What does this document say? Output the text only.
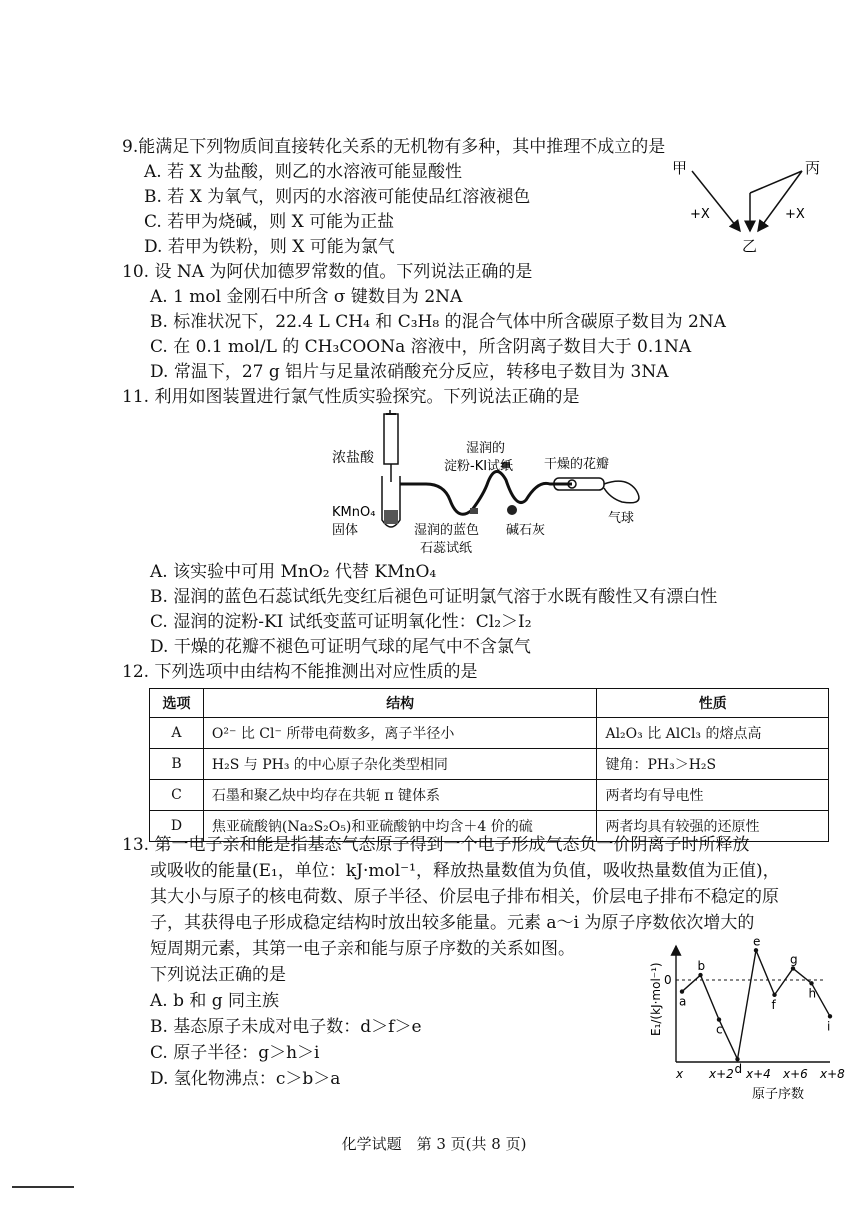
9.能满足下列物质间直接转化关系的无机物有多种，其中推理不成立的是
A. 若 X 为盐酸，则乙的水溶液可能显酸性
B. 若 X 为氧气，则丙的水溶液可能使品红溶液褪色
C. 若甲为烧碱，则 X 可能为正盐
D. 若甲为铁粉，则 X 可能为氯气
甲	丙
乙
+X	+X
10. 设 NA 为阿伏加德罗常数的值。下列说法正确的是
A. 1 mol 金刚石中所含 σ 键数目为 2NA
B. 标准状况下，22.4 L CH₄ 和 C₃H₈ 的混合气体中所含碳原子数目为 2NA
C. 在 0.1 mol/L 的 CH₃COONa 溶液中，所含阴离子数目大于 0.1NA
D. 常温下，27 g 铝片与足量浓硝酸充分反应，转移电子数目为 3NA
11. 利用如图装置进行氯气性质实验探究。下列说法正确的是
浓盐酸
KMnO₄
固体
湿润的
淀粉-KI试纸 干燥的花瓣
湿润的蓝色
石蕊试纸
碱石灰
气球
A. 该实验中可用 MnO₂ 代替 KMnO₄
B. 湿润的蓝色石蕊试纸先变红后褪色可证明氯气溶于水既有酸性又有漂白性
C. 湿润的淀粉-KI 试纸变蓝可证明氧化性：Cl₂＞I₂
D. 干燥的花瓣不褪色可证明气球的尾气中不含氯气
12. 下列选项中由结构不能推测出对应性质的是
选项	结构	性质
A	O²⁻ 比 Cl⁻ 所带电荷数多，离子半径小	Al₂O₃ 比 AlCl₃ 的熔点高
B	H₂S 与 PH₃ 的中心原子杂化类型相同	键角：PH₃＞H₂S
C	石墨和聚乙炔中均存在共轭 π 键体系	两者均有导电性
D	焦亚硫酸钠(Na₂S₂O₅)和亚硫酸钠中均含＋4 价的硫	两者均具有较强的还原性
13. 第一电子亲和能是指基态气态原子得到一个电子形成气态负一价阴离子时所释放
或吸收的能量(E₁，单位：kJ·mol⁻¹，释放热量数值为负值，吸收热量数值为正值)，
其大小与原子的核电荷数、原子半径、价层电子排布相关，价层电子排布不稳定的原
子，其获得电子形成稳定结构时放出较多能量。元素 a～i 为原子序数依次增大的
短周期元素，其第一电子亲和能与原子序数的关系如图。
下列说法正确的是
A. b 和 g 同主族
B. 基态原子未成对电子数：d＞f＞e
C. 原子半径：g＞h＞i
D. 氢化物沸点：c＞b＞a
E₁/(kJ·mol⁻¹)
原子序数
0
x x+2 x+4 x+6 x+8
a
b
c
d
e
f
g
h
i
化学试题　第 3 页(共 8 页)
